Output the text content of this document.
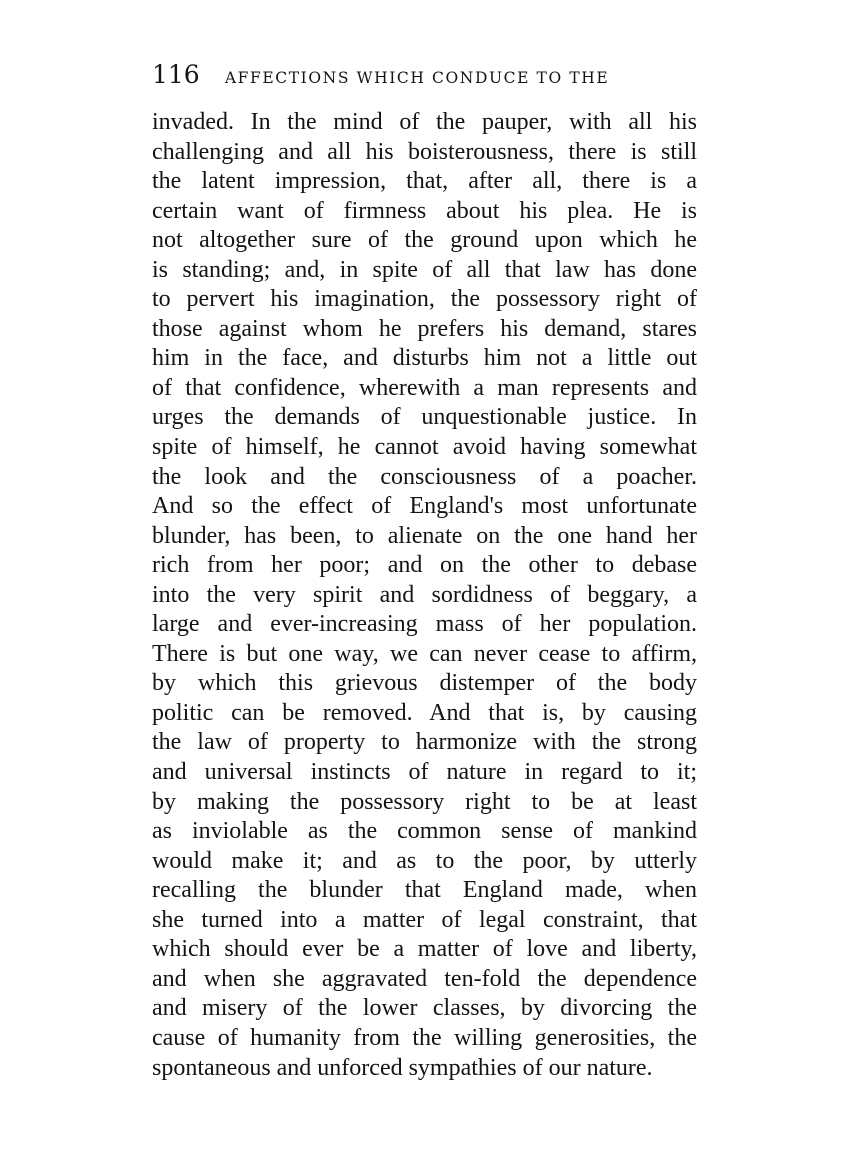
116 AFFECTIONS WHICH CONDUCE TO THE
invaded. In the mind of the pauper, with all his
challenging and all his boisterousness, there is still
the latent impression, that, after all, there is a
certain want of firmness about his plea. He is
not altogether sure of the ground upon which he
is standing; and, in spite of all that law has done
to pervert his imagination, the possessory right of
those against whom he prefers his demand, stares
him in the face, and disturbs him not a little out
of that confidence, wherewith a man represents and
urges the demands of unquestionable justice. In
spite of himself, he cannot avoid having somewhat
the look and the consciousness of a poacher.
And so the effect of England's most unfortunate
blunder, has been, to alienate on the one hand her
rich from her poor; and on the other to debase
into the very spirit and sordidness of beggary, a
large and ever-increasing mass of her population.
There is but one way, we can never cease to affirm,
by which this grievous distemper of the body
politic can be removed. And that is, by causing
the law of property to harmonize with the strong
and universal instincts of nature in regard to it;
by making the possessory right to be at least
as inviolable as the common sense of mankind
would make it; and as to the poor, by utterly
recalling the blunder that England made, when
she turned into a matter of legal constraint, that
which should ever be a matter of love and liberty,
and when she aggravated ten-fold the dependence
and misery of the lower classes, by divorcing the
cause of humanity from the willing generosities, the
spontaneous and unforced sympathies of our nature.
